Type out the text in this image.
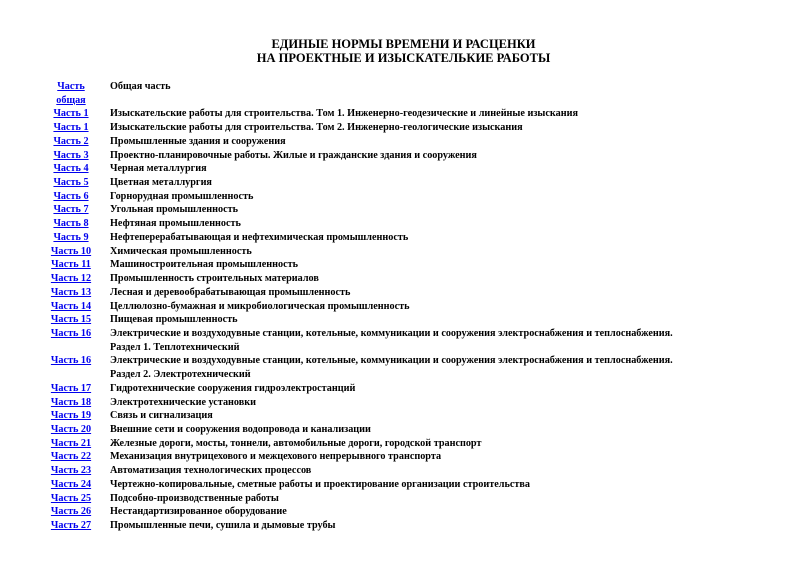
ЕДИНЫЕ НОРМЫ ВРЕМЕНИ И РАСЦЕНКИ
НА ПРОЕКТНЫЕ И ИЗЫСКАТЕЛЬКИЕ РАБОТЫ
Часть общая	Общая часть

Часть 1	Изыскательские работы для строительства. Том 1. Инженерно-геодезические и линейные изыскания

Часть 1	Изыскательские работы для строительства. Том 2. Инженерно-геологические изыскания

Часть 2	Промышленные здания и сооружения

Часть 3	Проектно-планировочные работы. Жилые и гражданские здания и сооружения

Часть 4	Черная металлургия

Часть 5	Цветная металлургия

Часть 6	Горнорудная промышленность

Часть 7	Угольная промышленность

Часть 8	Нефтяная промышленность

Часть 9	Нефтеперерабатывающая и нефтехимическая промышленность

Часть 10	Химическая промышленность

Часть 11	Машиностроительная промышленность

Часть 12	Промышленность строительных материалов

Часть 13	Лесная и деревообрабатывающая промышленность

Часть 14	Целлюлозно-бумажная и микробиологическая промышленность

Часть 15	Пищевая промышленность

Часть 16	Электрические и воздуходувные станции, котельные, коммуникации и сооружения электроснабжения и теплоснабжения.
Раздел 1. Теплотехнический

Часть 16	Электрические и воздуходувные станции, котельные, коммуникации и сооружения электроснабжения и теплоснабжения.
Раздел 2. Электротехнический

Часть 17	Гидротехнические сооружения гидроэлектростанций

Часть 18	Электротехнические установки

Часть 19	Связь и сигнализация

Часть 20	Внешние сети и сооружения водопровода и канализации

Часть 21	Железные дороги, мосты, тоннели, автомобильные дороги, городской транспорт

Часть 22	Механизация внутрицехового и межцехового непрерывного транспорта

Часть 23	Автоматизация технологических процессов

Часть 24	Чертежно-копировальные, сметные работы и проектирование организации строительства

Часть 25	Подсобно-производственные работы

Часть 26	Нестандартизированное оборудование

Часть 27	Промышленные печи, сушила и дымовые трубы
